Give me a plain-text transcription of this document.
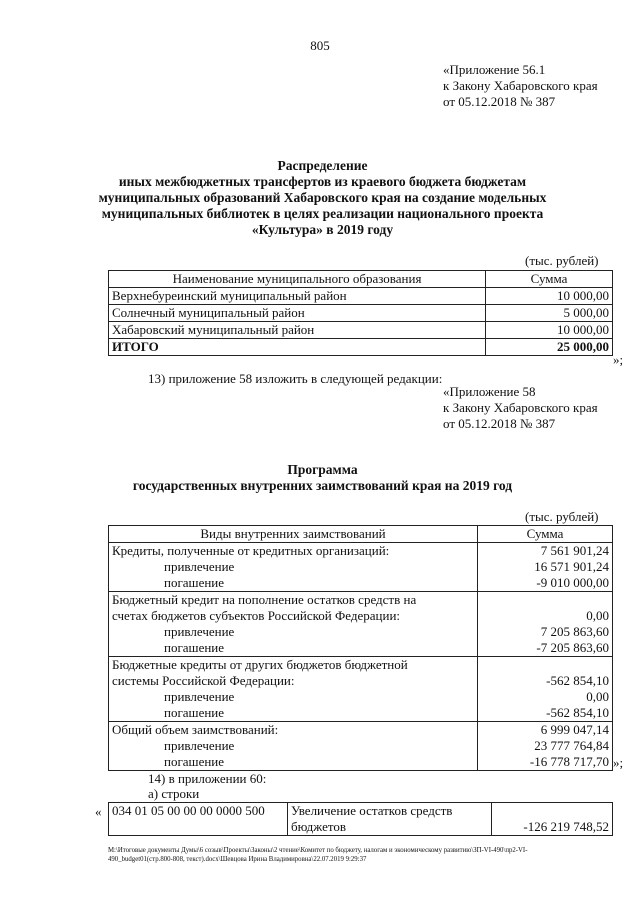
805
«Приложение 56.1
к Закону Хабаровского края
от 05.12.2018 № 387
Распределение
иных межбюджетных трансфертов из краевого бюджета бюджетам
муниципальных образований Хабаровского края на создание модельных
муниципальных библиотек в целях реализации национального проекта
«Культура» в 2019 году
(тыс. рублей)
Наименование муниципального образования	Сумма
Верхнебуреинский муниципальный район	10 000,00
Солнечный муниципальный район	5 000,00
Хабаровский муниципальный район	10 000,00
ИТОГО	25 000,00
»;
13) приложение 58 изложить в следующей редакции:
«Приложение 58
к Закону Хабаровского края
от 05.12.2018 № 387
Программа
государственных внутренних заимствований края на 2019 год
(тыс. рублей)
Виды внутренних заимствований	Сумма
Кредиты, полученные от кредитных организаций:	7 561 901,24
привлечение	16 571 901,24
погашение	-9 010 000,00
Бюджетный кредит на пополнение остатков средств на	
счетах бюджетов субъектов Российской Федерации:	0,00
привлечение	7 205 863,60
погашение	-7 205 863,60
Бюджетные кредиты от других бюджетов бюджетной	
системы Российской Федерации:	-562 854,10
привлечение	0,00
погашение	-562 854,10
Общий объем заимствований:	6 999 047,14
привлечение	23 777 764,84
погашение	-16 778 717,70 »;
14) в приложении 60:
а) строки
« 034 01 05 00 00 00 0000 500	Увеличение остатков средств	
	бюджетов	-126 219 748,52
M:\Итоговые документы Думы\6 созыв\Проекты\Законы\2 чтение\Комитет по бюджету, налогам и экономическому развитию\ЗП-VI-490\пр2-VI-
490_budget01(стр.800-808, текст).docx\Шевцова Ирина Владимировна\22.07.2019 9:29:37
